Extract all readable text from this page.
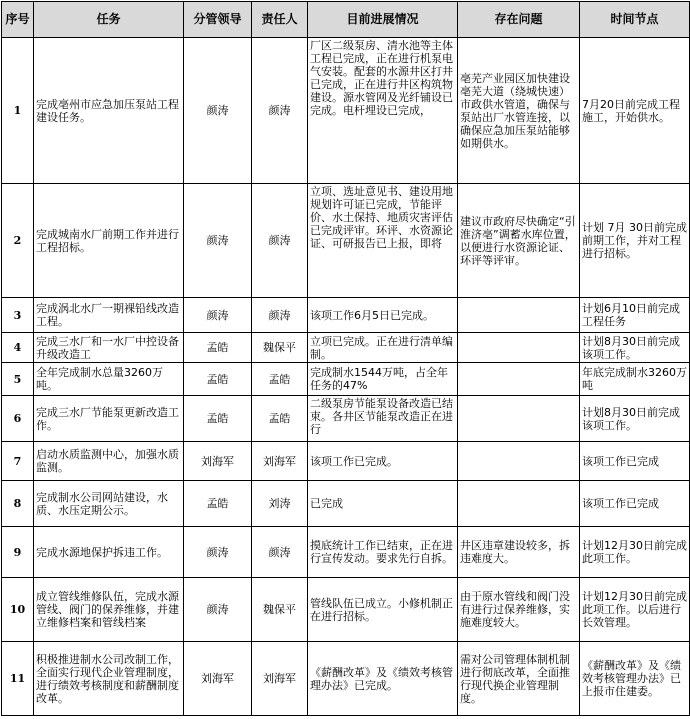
序号	任务	分管领导	责任人	目前进展情况	存在问题	时间节点
1	完成亳州市应急加压泵站工程建设任务。	颜涛	颜涛	厂区二级泵房、清水池等主体工程已完成，正在进行机泵电气安装。配套的水源井区打井已完成，正在进行井区构筑物建设。源水管网及光纤铺设已完成。电杆埋设已完成，	亳芜产业园区加快建设亳芜大道（绕城快速）市政供水管道，确保与泵站出厂水管连接，以确保应急加压泵站能够如期供水。	7月20日前完成工程施工，开始供水。
2	完成城南水厂前期工作并进行工程招标。	颜涛	颜涛	立项、选址意见书、建设用地规划许可证已完成，节能评价、水土保持、地质灾害评估已完成评审。环评、水资源论证、可研报告已上报，即将	建议市政府尽快确定“引淮济亳”调蓄水库位置，以便进行水资源论证、环评等评审。	计划 7月 30日前完成前期工作，并对工程进行招标。
3	完成涡北水厂一期裸铅线改造工程。	颜涛	颜涛	该项工作6月5日已完成。		计划6月10日前完成工程任务
4	完成三水厂和一水厂中控设备升级改造工	孟皓	魏保平	立项已完成。正在进行清单编制。		计划8月30日前完成该项工作。
5	全年完成制水总量3260万吨。	孟皓	孟皓	完成制水1544万吨，占全年任务的47%		年底完成制水3260万吨
6	完成三水厂节能泵更新改造工作。	孟皓	孟皓	二级泵房节能泵设备改造已结束。各井区节能泵改造正在进行		计划8月30日前完成该项工作。
7	启动水质监测中心，加强水质监测。	刘海军	刘海军	该项工作已完成。		该项工作已完成
8	完成制水公司网站建设，水质、水压定期公示。	孟皓	刘涛	已完成		该项工作已完成
9	完成水源地保护拆违工作。	颜涛	颜涛	摸底统计工作已结束，正在进行宣传发动。要求先行自拆。	井区违章建设较多，拆违难度大。	计划12月30日前完成此项工作。
10	成立管线维修队伍，完成水源管线、阀门的保养维修，并建立维修档案和管线档案	颜涛	魏保平	管线队伍已成立。小修机制正在进行招标。	由于原水管线和阀门没有进行过保养维修，实施难度较大。	计划12月30日前完成此项工作。以后进行长效管理。
11	积极推进制水公司改制工作，全面实行现代企业管理制度，进行绩效考核制度和薪酬制度改革。	刘海军	刘海军	《薪酬改革》及《绩效考核管理办法》已完成。	需对公司管理体制机制进行彻底改革，全面推行现代换企业管理制度。	《薪酬改革》及《绩效考核管理办法》已上报市住建委。
